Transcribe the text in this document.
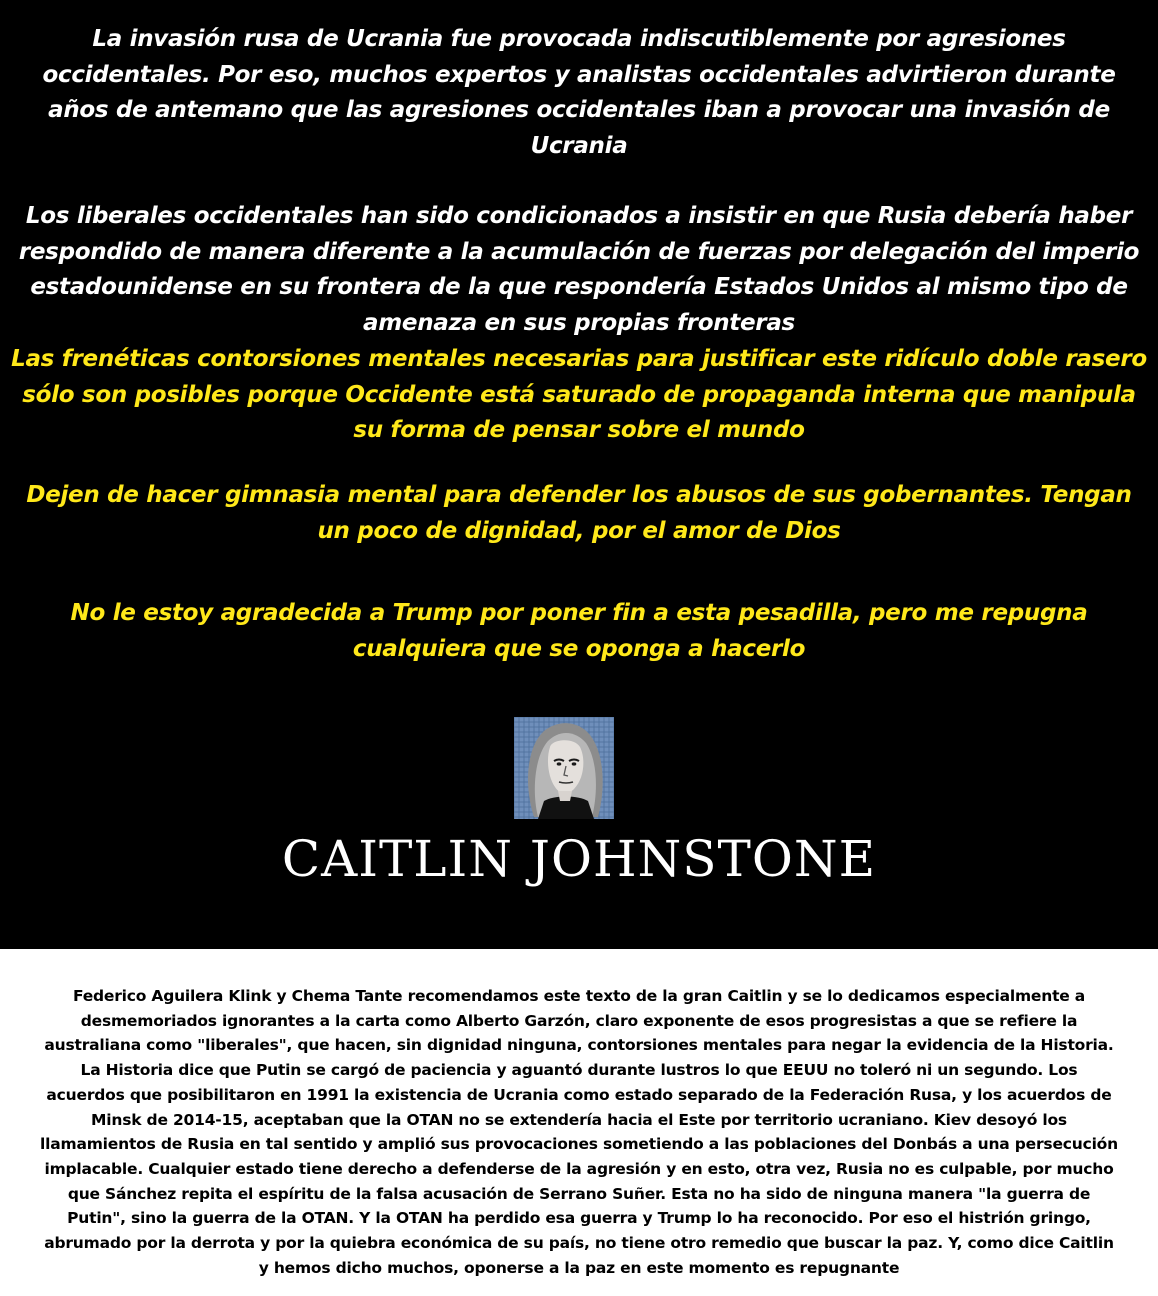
La invasión rusa de Ucrania fue provocada indiscutiblemente por agresiones occidentales. Por eso, muchos expertos y analistas occidentales advirtieron durante años de antemano que las agresiones occidentales iban a provocar una invasión de Ucrania

Los liberales occidentales han sido condicionados a insistir en que Rusia debería haber respondido de manera diferente a la acumulación de fuerzas por delegación del imperio estadounidense en su frontera de la que respondería Estados Unidos al mismo tipo de amenaza en sus propias fronteras

Las frenéticas contorsiones mentales necesarias para justificar este ridículo doble rasero sólo son posibles porque Occidente está saturado de propaganda interna que manipula su forma de pensar sobre el mundo

Dejen de hacer gimnasia mental para defender los abusos de sus gobernantes. Tengan un poco de dignidad, por el amor de Dios

No le estoy agradecida a Trump por poner fin a esta pesadilla, pero me repugna cualquiera que se oponga a hacerlo

CAITLIN JOHNSTONE

Federico Aguilera Klink y Chema Tante recomendamos este texto de la gran Caitlin y se lo dedicamos especialmente a desmemoriados ignorantes a la carta como Alberto Garzón, claro exponente de esos progresistas a que se refiere la australiana como "liberales", que hacen, sin dignidad ninguna, contorsiones mentales para negar la evidencia de la Historia. La Historia dice que Putin se cargó de paciencia y aguantó durante lustros lo que EEUU no toleró ni un segundo. Los acuerdos que posibilitaron en 1991 la existencia de Ucrania como estado separado de la Federación Rusa, y los acuerdos de Minsk de 2014-15, aceptaban que la OTAN no se extendería hacia el Este por territorio ucraniano. Kiev desoyó los llamamientos de Rusia en tal sentido y amplió sus provocaciones sometiendo a las poblaciones del Donbás a una persecución implacable. Cualquier estado tiene derecho a defenderse de la agresión y en esto, otra vez, Rusia no es culpable, por mucho que Sánchez repita el espíritu de la falsa acusación de Serrano Suñer. Esta no ha sido de ninguna manera "la guerra de Putin", sino la guerra de la OTAN. Y la OTAN ha perdido esa guerra y Trump lo ha reconocido. Por eso el histrión gringo, abrumado por la derrota y por la quiebra económica de su país, no tiene otro remedio que buscar la paz. Y, como dice Caitlin y hemos dicho muchos, oponerse a la paz en este momento es repugnante
